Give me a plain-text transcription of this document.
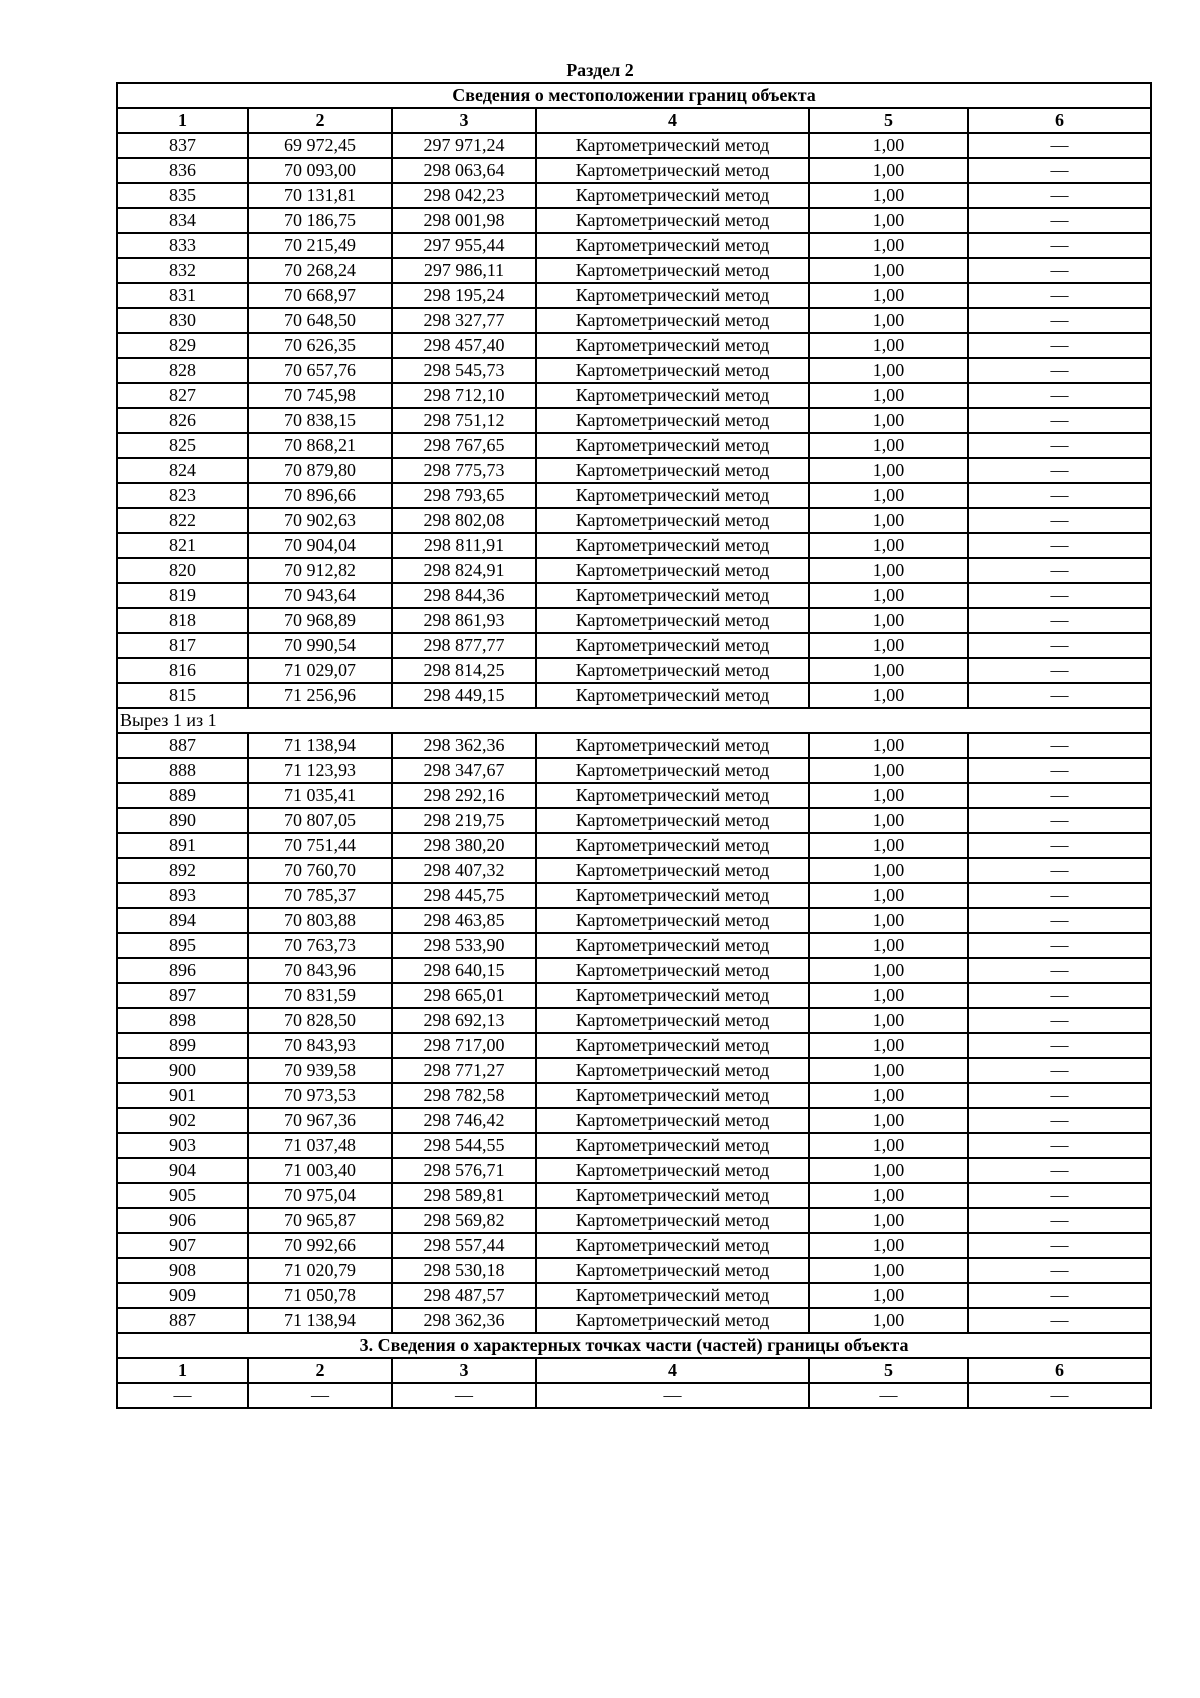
Раздел 2
Сведения о местоположении границ объекта					
1	2	3	4	5	6
837	69 972,45	297 971,24	Картометрический метод	1,00	—
836	70 093,00	298 063,64	Картометрический метод	1,00	—
835	70 131,81	298 042,23	Картометрический метод	1,00	—
834	70 186,75	298 001,98	Картометрический метод	1,00	—
833	70 215,49	297 955,44	Картометрический метод	1,00	—
832	70 268,24	297 986,11	Картометрический метод	1,00	—
831	70 668,97	298 195,24	Картометрический метод	1,00	—
830	70 648,50	298 327,77	Картометрический метод	1,00	—
829	70 626,35	298 457,40	Картометрический метод	1,00	—
828	70 657,76	298 545,73	Картометрический метод	1,00	—
827	70 745,98	298 712,10	Картометрический метод	1,00	—
826	70 838,15	298 751,12	Картометрический метод	1,00	—
825	70 868,21	298 767,65	Картометрический метод	1,00	—
824	70 879,80	298 775,73	Картометрический метод	1,00	—
823	70 896,66	298 793,65	Картометрический метод	1,00	—
822	70 902,63	298 802,08	Картометрический метод	1,00	—
821	70 904,04	298 811,91	Картометрический метод	1,00	—
820	70 912,82	298 824,91	Картометрический метод	1,00	—
819	70 943,64	298 844,36	Картометрический метод	1,00	—
818	70 968,89	298 861,93	Картометрический метод	1,00	—
817	70 990,54	298 877,77	Картометрический метод	1,00	—
816	71 029,07	298 814,25	Картометрический метод	1,00	—
815	71 256,96	298 449,15	Картометрический метод	1,00	—
Вырез 1 из 1					
887	71 138,94	298 362,36	Картометрический метод	1,00	—
888	71 123,93	298 347,67	Картометрический метод	1,00	—
889	71 035,41	298 292,16	Картометрический метод	1,00	—
890	70 807,05	298 219,75	Картометрический метод	1,00	—
891	70 751,44	298 380,20	Картометрический метод	1,00	—
892	70 760,70	298 407,32	Картометрический метод	1,00	—
893	70 785,37	298 445,75	Картометрический метод	1,00	—
894	70 803,88	298 463,85	Картометрический метод	1,00	—
895	70 763,73	298 533,90	Картометрический метод	1,00	—
896	70 843,96	298 640,15	Картометрический метод	1,00	—
897	70 831,59	298 665,01	Картометрический метод	1,00	—
898	70 828,50	298 692,13	Картометрический метод	1,00	—
899	70 843,93	298 717,00	Картометрический метод	1,00	—
900	70 939,58	298 771,27	Картометрический метод	1,00	—
901	70 973,53	298 782,58	Картометрический метод	1,00	—
902	70 967,36	298 746,42	Картометрический метод	1,00	—
903	71 037,48	298 544,55	Картометрический метод	1,00	—
904	71 003,40	298 576,71	Картометрический метод	1,00	—
905	70 975,04	298 589,81	Картометрический метод	1,00	—
906	70 965,87	298 569,82	Картометрический метод	1,00	—
907	70 992,66	298 557,44	Картометрический метод	1,00	—
908	71 020,79	298 530,18	Картометрический метод	1,00	—
909	71 050,78	298 487,57	Картометрический метод	1,00	—
887	71 138,94	298 362,36	Картометрический метод	1,00	—
3. Сведения о характерных точках части (частей) границы объекта					
1	2	3	4	5	6
—	—	—	—	—	—
